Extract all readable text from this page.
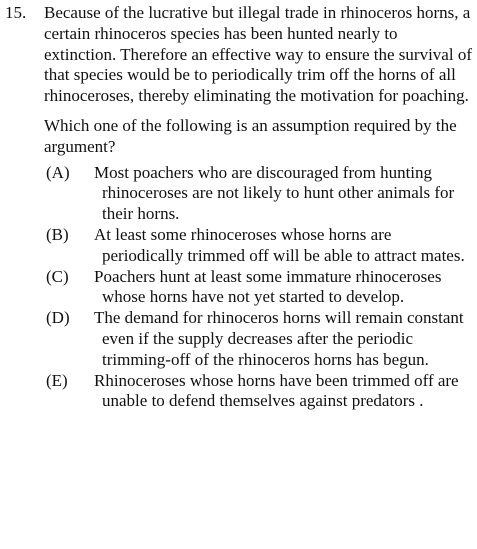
15.	Because of the lucrative but illegal trade in rhinoceros horns, a certain rhinoceros species has been hunted nearly to extinction. Therefore an effective way to ensure the survival of that species would be to periodically trim off the horns of all rhinoceroses, thereby eliminating the motivation for poaching.

Which one of the following is an assumption required by the argument?

(A)	Most poachers who are discouraged from hunting rhinoceroses are not likely to hunt other animals for their horns.
(B)	At least some rhinoceroses whose horns are periodically trimmed off will be able to attract mates.
(C)	Poachers hunt at least some immature rhinoceroses whose horns have not yet started to develop.
(D)	The demand for rhinoceros horns will remain constant even if the supply decreases after the periodic trimming-off of the rhinoceros horns has begun.
(E)	Rhinoceroses whose horns have been trimmed off are unable to defend themselves against predators .
